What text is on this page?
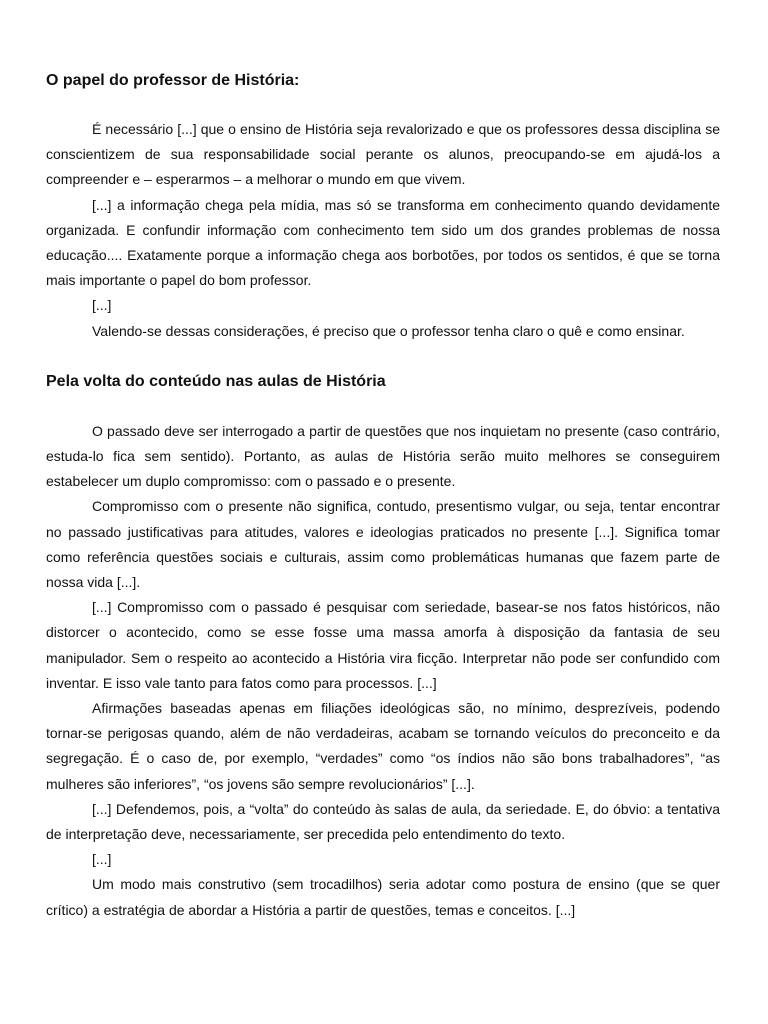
O papel do professor de História:

É necessário [...] que o ensino de História seja revalorizado e que os professores dessa disciplina se conscientizem de sua responsabilidade social perante os alunos, preocupando-se em ajudá-los a compreender e – esperarmos – a melhorar o mundo em que vivem.

[...] a informação chega pela mídia, mas só se transforma em conhecimento quando devidamente organizada. E confundir informação com conhecimento tem sido um dos grandes problemas de nossa educação.... Exatamente porque a informação chega aos borbotões, por todos os sentidos, é que se torna mais importante o papel do bom professor.

[...]

Valendo-se dessas considerações, é preciso que o professor tenha claro o quê e como ensinar.

Pela volta do conteúdo nas aulas de História

O passado deve ser interrogado a partir de questões que nos inquietam no presente (caso contrário, estuda-lo fica sem sentido). Portanto, as aulas de História serão muito melhores se conseguirem estabelecer um duplo compromisso: com o passado e o presente.

Compromisso com o presente não significa, contudo, presentismo vulgar, ou seja, tentar encontrar no passado justificativas para atitudes, valores e ideologias praticados no presente [...]. Significa tomar como referência questões sociais e culturais, assim como problemáticas humanas que fazem parte de nossa vida [...].

[...] Compromisso com o passado é pesquisar com seriedade, basear-se nos fatos históricos, não distorcer o acontecido, como se esse fosse uma massa amorfa à disposição da fantasia de seu manipulador. Sem o respeito ao acontecido a História vira ficção. Interpretar não pode ser confundido com inventar. E isso vale tanto para fatos como para processos. [...]

Afirmações baseadas apenas em filiações ideológicas são, no mínimo, desprezíveis, podendo tornar-se perigosas quando, além de não verdadeiras, acabam se tornando veículos do preconceito e da segregação. É o caso de, por exemplo, “verdades” como “os índios não são bons trabalhadores”, “as mulheres são inferiores”, “os jovens são sempre revolucionários” [...].

[...] Defendemos, pois, a “volta” do conteúdo às salas de aula, da seriedade. E, do óbvio: a tentativa de interpretação deve, necessariamente, ser precedida pelo entendimento do texto.

[...]

Um modo mais construtivo (sem trocadilhos) seria adotar como postura de ensino (que se quer crítico) a estratégia de abordar a História a partir de questões, temas e conceitos. [...]
